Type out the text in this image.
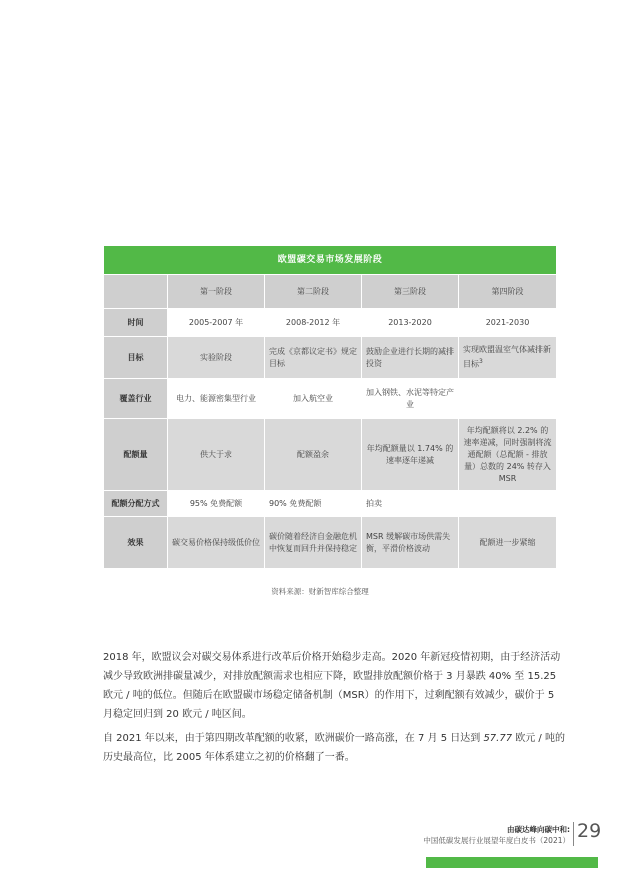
欧盟碳交易市场发展阶段				
	第一阶段	第二阶段	第三阶段	第四阶段
时间	2005-2007 年	2008-2012 年	2013-2020	2021-2030
目标	实验阶段	完成《京都议定书》规定目标	鼓励企业进行长期的减排投资	实现欧盟温室气体减排新目标$^3$
覆盖行业	电力、能源密集型行业	加入航空业	加入钢铁、水泥等特定产业	
配额量	供大于求	配额盈余	年均配额量以 1.74% 的速率逐年递减	年均配额将以 2.2% 的速率递减，同时强制将流通配额（总配额 - 排放量）总数的 24% 转存入 MSR
配额分配方式	95% 免费配额	90% 免费配额	拍卖	
效果	碳交易价格保持级低价位	碳价随着经济自金融危机中恢复而回升并保持稳定	MSR 缓解碳市场供需失衡，平滑价格波动	配额进一步紧缩
资料来源：财新智库综合整理

2018 年，欧盟议会对碳交易体系进行改革后价格开始稳步走高。2020 年新冠疫情初期，由于经济活动减少导致欧洲排碳量减少，对排放配额需求也相应下降，欧盟排放配额价格于 3 月暴跌 40% 至 15.25 欧元 / 吨的低位。但随后在欧盟碳市场稳定储备机制（MSR）的作用下，过剩配额有效减少，碳价于 5 月稳定回归到 20 欧元 / 吨区间。

自 2021 年以来，由于第四期改革配额的收紧，欧洲碳价一路高涨，在 7 月 5 日达到 57.77 欧元 / 吨的历史最高位，比 2005 年体系建立之初的价格翻了一番。

由碳达峰向碳中和:
中国低碳发展行业展望年度白皮书（2021） 29
